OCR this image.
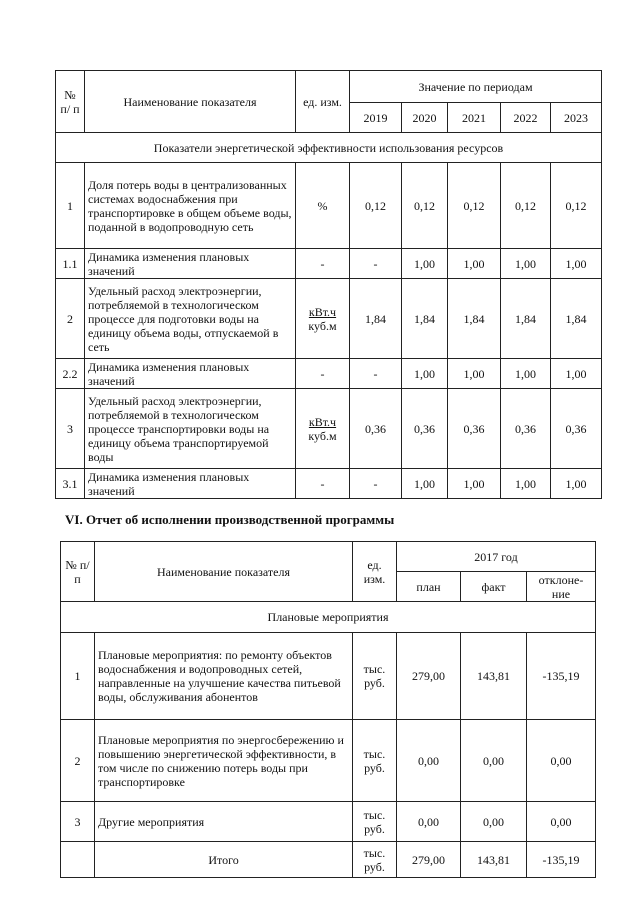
№ п/ п	Наименование показателя	ед. изм.	Значение по периодам				
			2019	2020	2021	2022	2023
Показатели энергетической эффективности использования ресурсов							
1	Доля потерь воды в централизованных системах водоснабжения при транспортировке в общем объеме воды, поданной в водопроводную сеть	%	0,12	0,12	0,12	0,12	0,12
1.1	Динамика изменения плановых значений	-	-	1,00	1,00	1,00	1,00
2	Удельный расход электроэнергии, потребляемой в технологическом процессе для подготовки воды на единицу объема воды, отпускаемой в сеть	$\frac{\text{кВт.ч}}{\text{куб.м}}$	1,84	1,84	1,84	1,84	1,84
2.2	Динамика изменения плановых значений	-	-	1,00	1,00	1,00	1,00
3	Удельный расход электроэнергии, потребляемой в технологическом процессе транспортировки воды на единицу объема транспортируемой воды	$\frac{\text{кВт.ч}}{\text{куб.м}}$	0,36	0,36	0,36	0,36	0,36
3.1	Динамика изменения плановых значений	-	-	1,00	1,00	1,00	1,00
VI. Отчет об исполнении производственной программы
№ п/п	Наименование показателя	ед. изм.	2017 год		
			план	факт	отклоне-ние
Плановые мероприятия					
1	Плановые мероприятия: по ремонту объектов водоснабжения и водопроводных сетей, направленные на улучшение качества питьевой воды, обслуживания абонентов	тыс. руб.	279,00	143,81	-135,19
2	Плановые мероприятия по энергосбережению и повышению энергетической эффективности, в том числе по снижению потерь воды при транспортировке	тыс. руб.	0,00	0,00	0,00
3	Другие мероприятия	тыс. руб.	0,00	0,00	0,00
	Итого	тыс. руб.	279,00	143,81	-135,19
